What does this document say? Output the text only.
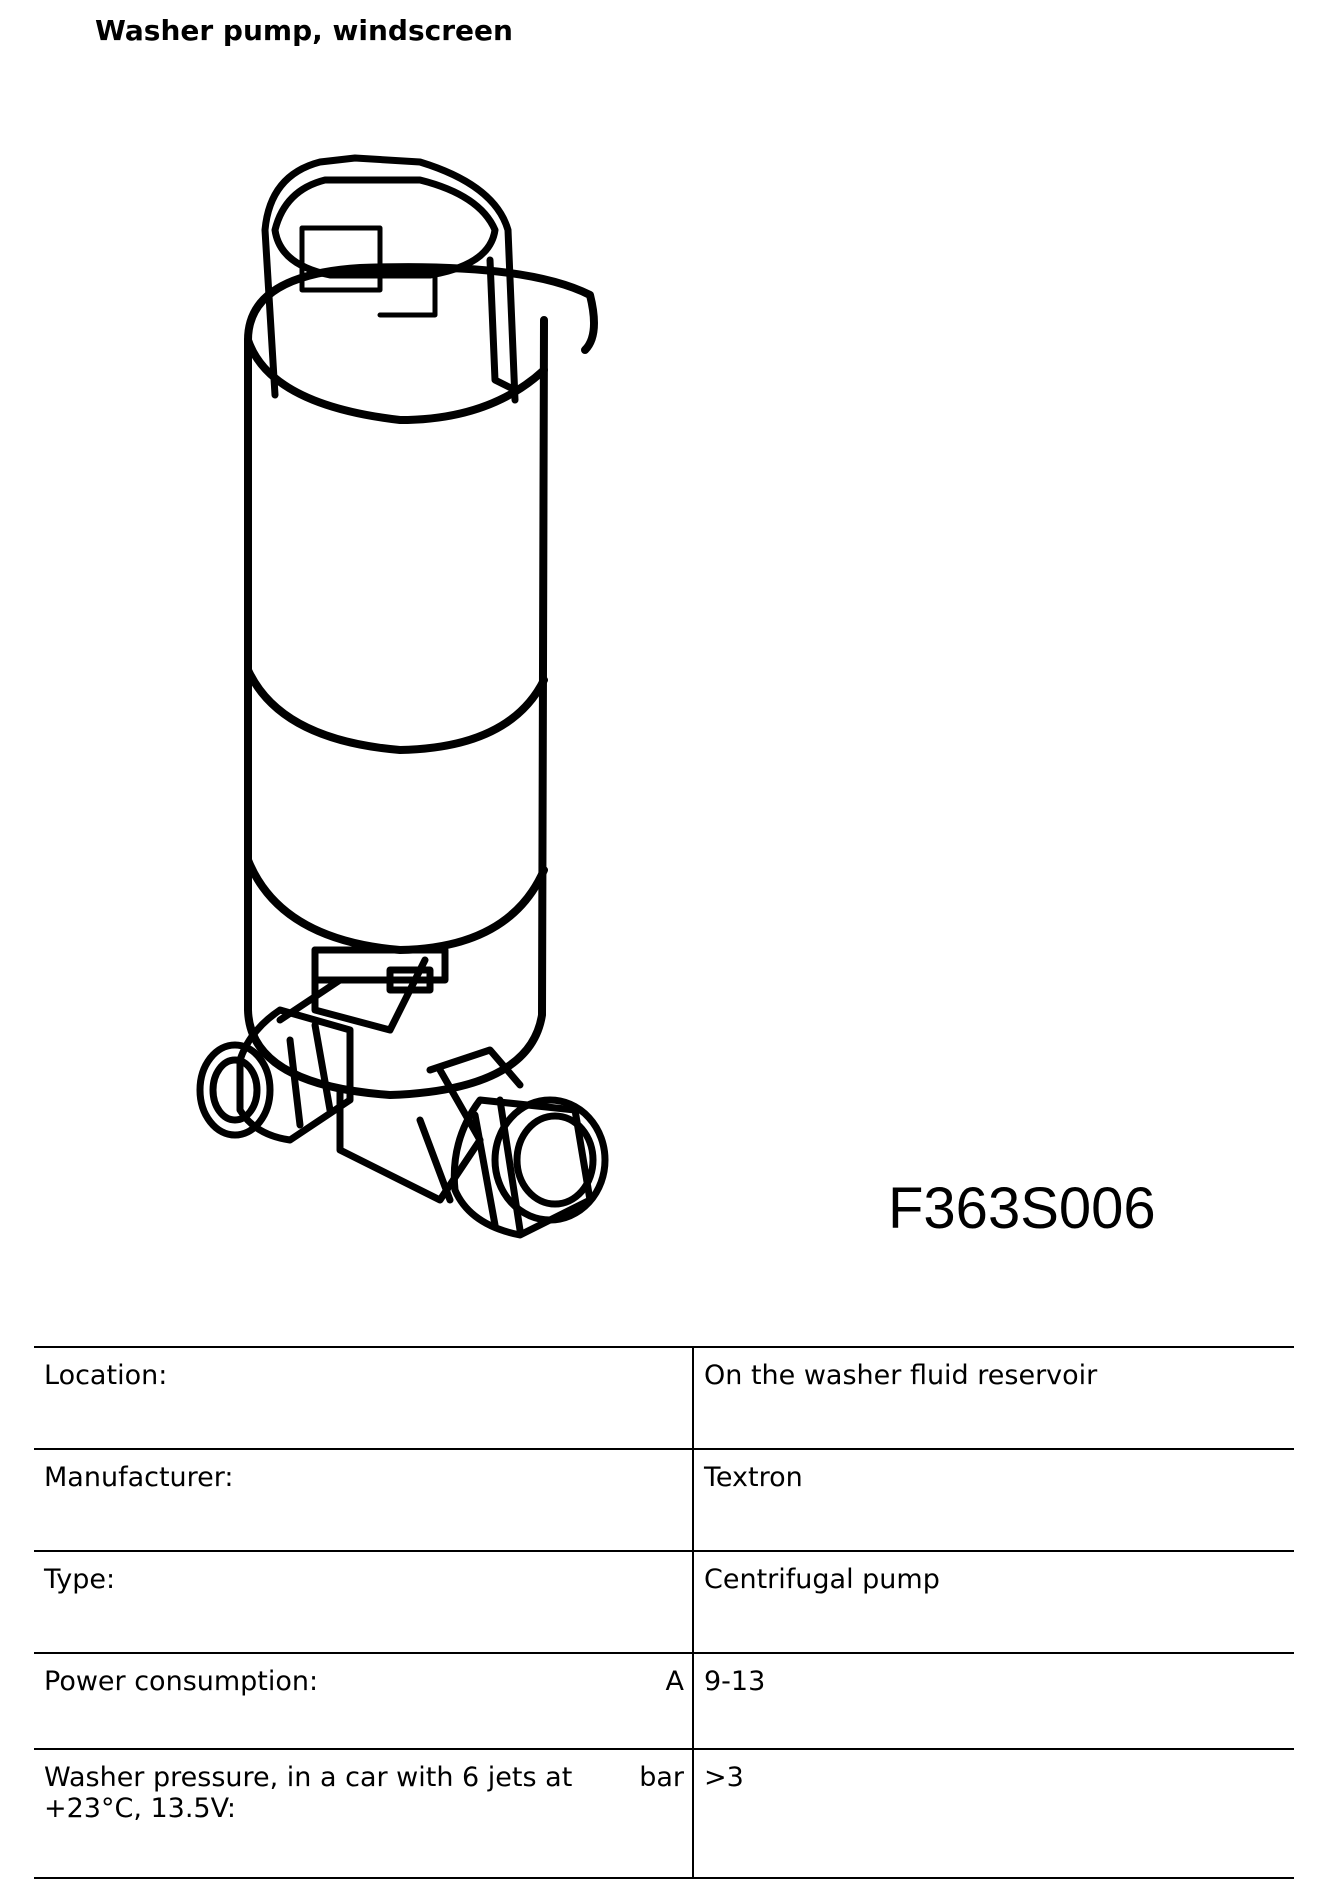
Washer pump, windscreen
F363S006
Location:		On the washer fluid reservoir
Manufacturer:		Textron
Type:		Centrifugal pump
Power consumption:	A	9-13
Washer pressure, in a car with 6 jets at +23°C, 13.5V:	bar	>3
